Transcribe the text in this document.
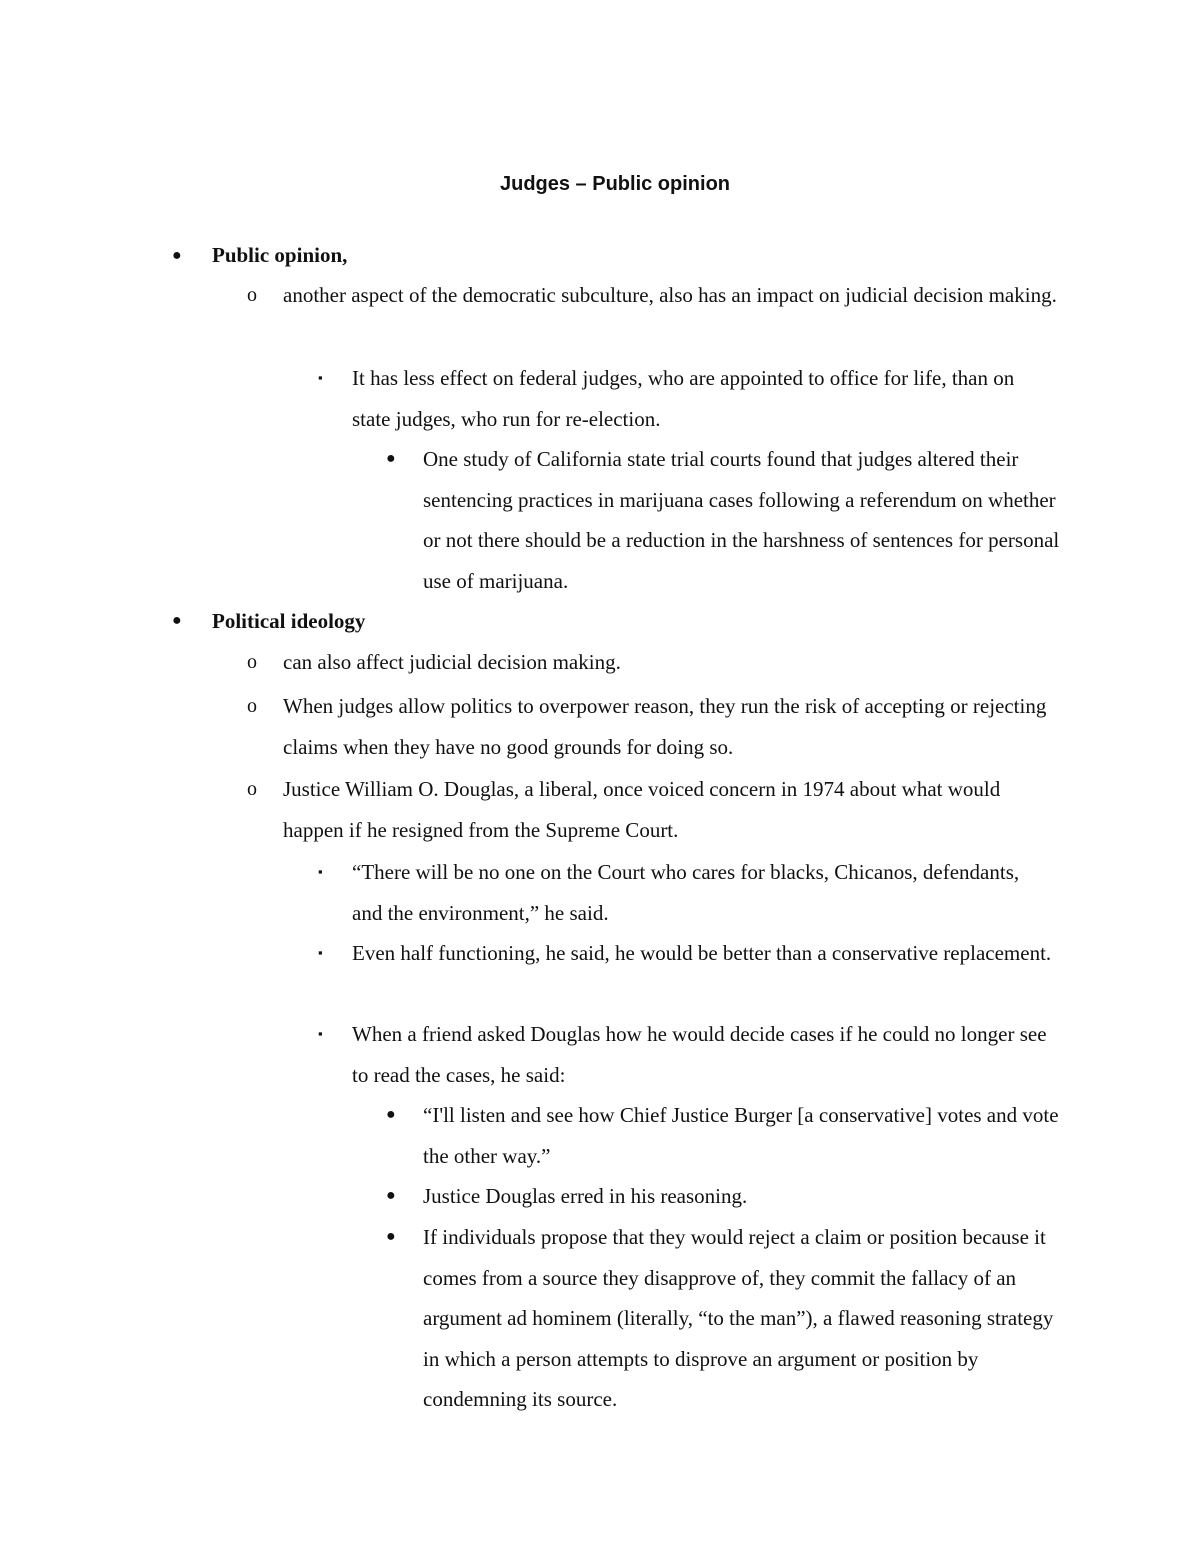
Judges – Public opinion
● Public opinion,
o another aspect of the democratic subculture, also has an impact on judicial decision making.
▪ It has less effect on federal judges, who are appointed to office for life, than on state judges, who run for re-election.
● One study of California state trial courts found that judges altered their sentencing practices in marijuana cases following a referendum on whether or not there should be a reduction in the harshness of sentences for personal use of marijuana.
● Political ideology
o can also affect judicial decision making.
o When judges allow politics to overpower reason, they run the risk of accepting or rejecting claims when they have no good grounds for doing so.
o Justice William O. Douglas, a liberal, once voiced concern in 1974 about what would happen if he resigned from the Supreme Court.
▪ “There will be no one on the Court who cares for blacks, Chicanos, defendants, and the environment,” he said.
▪ Even half functioning, he said, he would be better than a conservative replacement.
▪ When a friend asked Douglas how he would decide cases if he could no longer see to read the cases, he said:
● “I'll listen and see how Chief Justice Burger [a conservative] votes and vote the other way.”
● Justice Douglas erred in his reasoning.
● If individuals propose that they would reject a claim or position because it comes from a source they disapprove of, they commit the fallacy of an argument ad hominem (literally, “to the man”), a flawed reasoning strategy in which a person attempts to disprove an argument or position by condemning its source.
